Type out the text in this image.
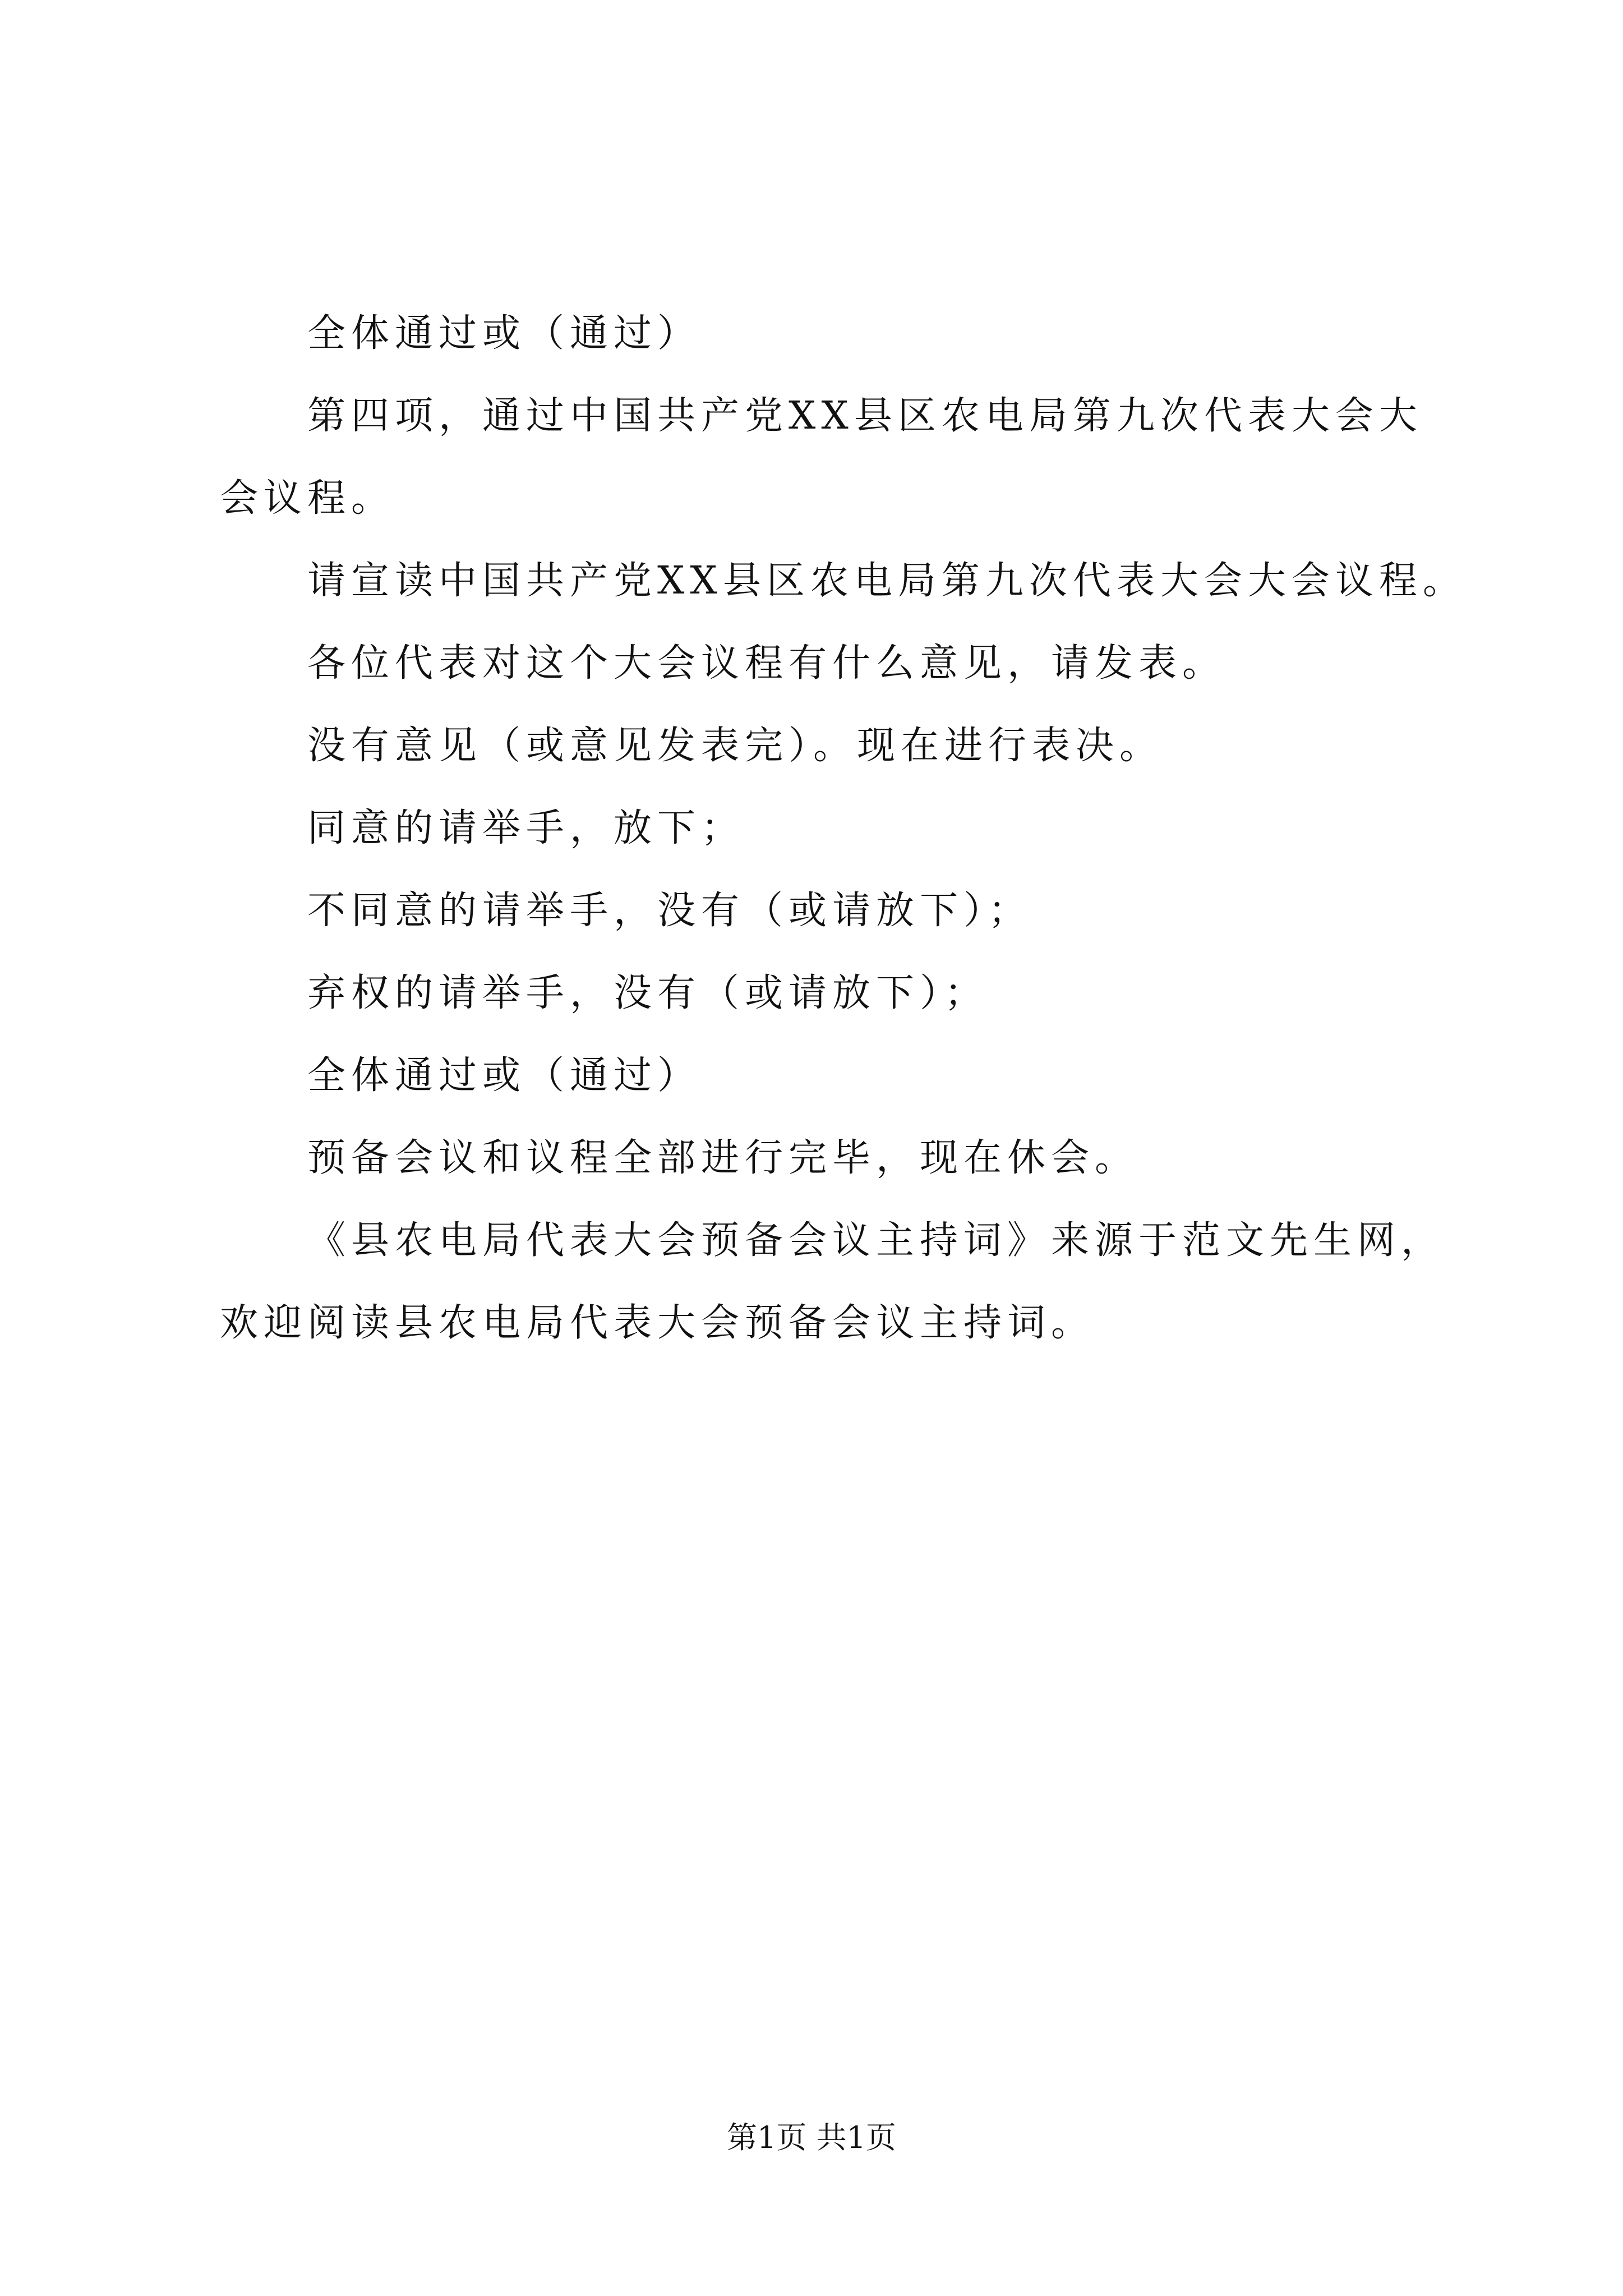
全体通过或（通过）
第四项，通过中国共产党XX县区农电局第九次代表大会大
会议程。
请宣读中国共产党XX县区农电局第九次代表大会大会议程。
各位代表对这个大会议程有什么意见，请发表。
没有意见（或意见发表完）。现在进行表决。
同意的请举手，放下；
不同意的请举手，没有（或请放下）；
弃权的请举手，没有（或请放下）；
全体通过或（通过）
预备会议和议程全部进行完毕，现在休会。
《县农电局代表大会预备会议主持词》来源于范文先生网，
欢迎阅读县农电局代表大会预备会议主持词。
第1页 共1页
